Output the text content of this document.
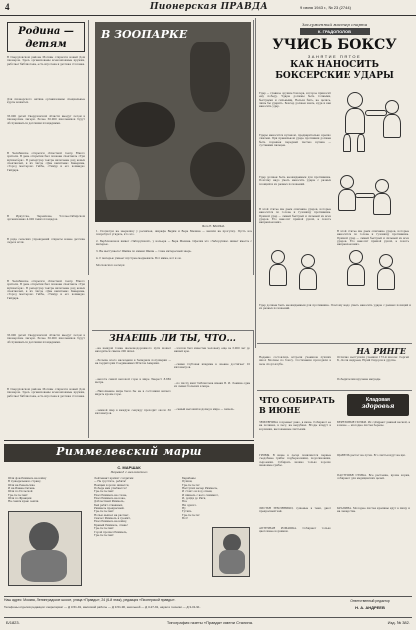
4	Пионерская ПРАВДА	9 июня 1943 г., № 23 (2744)
Родина — детям

В Свердловском районе Москвы открылся новый Дом пионеров. Здесь организованы всевозможные кружки, работает библиотека, есть игротека и детская столовая.

Для пионерского актива организованы специальные курсы вожатых.

35.000 детей Свердловской области выедут летом в пионерские лагери. Более 50.000 школьников будут обслуживаться детскими площадками.

В Челябинске открылся областной театр Юного зрителя. В день открытия был показан спектакль «Три мушкетёра». В репертуар театра включены ряд новых спектаклей, в их числе «Два капитана» Каверина, «Город мастеров» Габбе, «Тимур и его команда» Гайдара.

В Иркутске, Черемхове, Усолье-Сибирском организовано 4.000 таких площадок.

В ряде сельских учреждений открыты новые детские сады и ясли.

В ЗООПАРКЕ
Фото П. ВАСИНА.

1. Посмотри на зверюшку у ресничек, жирафа Вадим и Вера Мазина — вышли на прогулку. Пусть все попробуют угадать, кто это.

2. Верблюжонок живёт «Заборушкой», у вольера — Вера Мазина. Офелия это «Заборушка» живёт вместе с матерью.

3. Вы выступаете! Шайка по имени Шаша — тоже интересный зверь.

4. С матерью умнеет шустрые медвежата. Вот мама, вот и он.

Московский зоопарк.

Заслуженный мастер спорта
К. ГРАДОПОЛОВ
УЧИСЬ БОКСУ
ЗАНЯТИЕ ПЯТОЕ
КАК НАНОСИТЬ БОКСЕРСКИЕ УДАРЫ

Удар — главное оружие боксёра, которое приносит ему победу. Удары должны быть точными, быстрыми и сильными. Нельзя бить, не целясь, лишь бы ударить. Боксёр должен знать, куда и как наносить удар.

Удары наносятся кулаком, предварительно крепко сжатым. При правильном ударе противник должен быть поражён передней частью кулака — суставами пальцев.

Удар должен быть неожиданным для противника. Поэтому надо уметь наносить удары с разных позиций и из разных положений.

В этой статье мы даём описание ударов, которые наносятся по голове и туловищу противника. Прямой удар — самый быстрый и сильный из всех ударов. Его наносят прямой рукой, а локоть направлен вниз.

В этой статье мы даём описание ударов, которые наносятся по голове и туловищу противника. Прямой удар — самый быстрый и сильный из всех ударов. Его наносят прямой рукой, а локоть направлен вниз.

Удар должен быть неожиданным для противника. Поэтому надо уметь наносить удары с разных позиций и из разных положений.

ЗНАЕШЬ ЛИ ТЫ, ЧТО...

...на каждой тонне железнодорожного пути может находиться свыше 200 шпал.

...Больше всего населения в Западном полушарии — на территории Соединённых Штатов Америки.

...высота самой высокой горы в мире Эверест 8.882 метра.

...Наполнение мира было бы не в состоянии ничего видеть кроме горы.

...земной шар в каждую секунду проходит около 30 километров.

...хлопок был известен человеку ещё за 3.000 лет до нашей эры.

...самая глубокая впадина в океане достигает 10 километров.

...по числу книг библиотека имени В. И. Ленина одна из самых больших в мире.

...самый высокий водопад в мире — Анхель.

В Челябинске открылся областной театр Юного зрителя. В день открытия был показан спектакль «Три мушкетёра». В репертуар театра включены ряд новых спектаклей, в их числе «Два капитана» Каверина, «Город мастеров» Габбе, «Тимур и его команда» Гайдара.

35.000 детей Свердловской области выедут летом в пионерские лагери. Более 50.000 школьников будут обслуживаться детскими площадками.

В Свердловском районе Москвы открылся новый Дом пионеров. Здесь организованы всевозможные кружки, работает библиотека, есть игротека и детская столовая.

НА РИНГЕ

Недавно состоялись встречи учеников лучших школ Москвы по боксу. Состязания проходили в зале спорт-клуба.

Отлично выступили ученики 173-й школы: Сергей Б., Коля Андреев, Юрий Сидоров и другие.

Победителям вручены награды.

ЧТО СОБИРАТЬ В ИЮНЕ
Кладовая
здоровья

ЗЕМЛЯНИКА созревает рано, в июне. Собирают её на полянах, в лесу, на вырубках. Ягоды кладут в корзинки, выложенные листьями.

ГРИБЫ. В июне в лесах появляются первые съедобные грибы: подберёзовики, подосиновики, сыроежки. Собирать можно только хорошо знакомые грибы.

ЛИСТЬЯ ЗЕМЛЯНИКИ, сушёные в тени, дают прекрасный чай.

АПТЕЧНАЯ РОМАШКА. Собирают только цветочные корзинки.

БЕРЁЗОВЫЕ ПОЧКИ. Их собирают ранней весной, а в июне — молодые листья берёзы.

ЩАВЕЛЬ растёт на лугах. Его листья идут на щи.

ПАСТУШЬЯ СУМКА. Всё растение, кроме корня, собирают для медицинских целей.

КРАПИВА. Молодые листья крапивы идут в пищу и на лекарства.

Риммелевский марш
С. МАРШАК
Перевод с английского
Шли фон-Риммель на войну
В чужедальнюю страну,
Шли на Ревельские
И на Ивана-Сатана.
Шли по Польской
Тра-та-та-там!
Шли по Франции
На самом краю земли.
Лейтенант кричит солдатам:
— Не грустите, ребята!
Немцам хорошо живётся,
Победа нам улыбнётся!
Тра-та-та-там!
Ехал Риммель на слоне,
Ехал Риммель на коне,
Доблестный Риммель,
Бей ребят отважных,
Риммель прекрасный.
Тра-та-та-там!
Ночью вышел на рассвет,
Скачет Риммель и гремит,
Ехал Риммель на войну,
Бравый Риммель, слава!
Тра-та-та-там!
Горой прошёл Риммель,
Тра-та-та-там!
Барабаны
Пушки,
Тра-та-та-та!
Наступил вечер Риммель,
И стоит он под огнём,
И шинель с него снимают,
И, дойдя до Риги,
Все
Ни одного.
Ну
Тутиль
Тра-та-та-та!
Вот!
Наш адрес: Москва, Ленинградское шоссе, улица «Правды», 24 (6-й этаж), редакция «Пионерской правды».
Телефоны отделов редакции: секретариат — Д 3-51-91, массовой работы — Д 3-51-90, школьной — Д 3-27-91, науки и техники — Д 3-31-91.
Ответственный редактор
Н. А. АНДРЕЕВ
Б/1823.	Типография газеты «Правда» имени Сталина.	Изд. № 382.
